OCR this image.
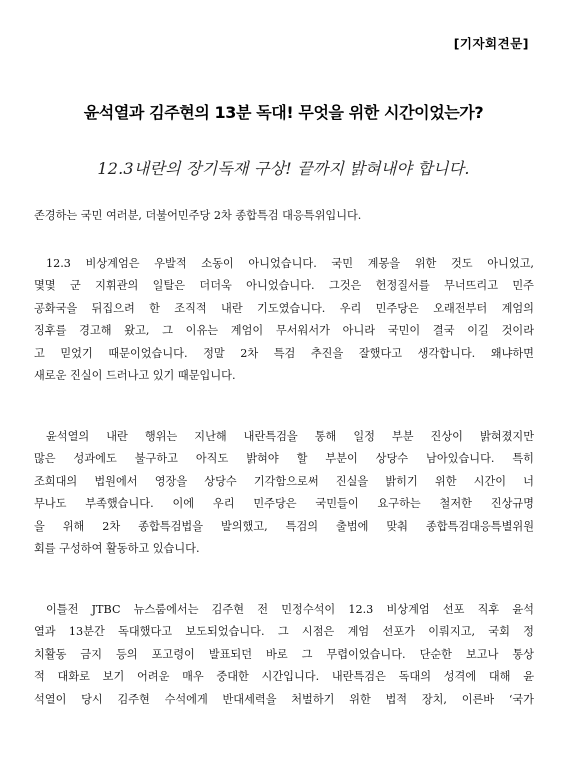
[기자회견문]
윤석열과 김주현의 13분 독대! 무엇을 위한 시간이었는가?
12.3내란의 장기독재 구상! 끝까지 밝혀내야 합니다.
존경하는 국민 여러분, 더불어민주당 2차 종합특검 대응특위입니다.
12.3 비상계엄은 우발적 소동이 아니었습니다. 국민 계몽을 위한 것도 아니었고,
몇몇 군 지휘관의 일탈은 더더욱 아니었습니다. 그것은 헌정질서를 무너뜨리고 민주
공화국을 뒤집으려 한 조직적 내란 기도였습니다. 우리 민주당은 오래전부터 계엄의
징후를 경고해 왔고, 그 이유는 계엄이 무서워서가 아니라 국민이 결국 이길 것이라
고 믿었기 때문이었습니다. 정말 2차 특검 추진을 잘했다고 생각합니다. 왜냐하면
새로운 진실이 드러나고 있기 때문입니다.
윤석열의 내란 행위는 지난해 내란특검을 통해 일정 부분 진상이 밝혀졌지만
많은 성과에도 불구하고 아직도 밝혀야 할 부분이 상당수 남아있습니다. 특히
조희대의 법원에서 영장을 상당수 기각함으로써 진실을 밝히기 위한 시간이 너
무나도 부족했습니다. 이에 우리 민주당은 국민들이 요구하는 철저한 진상규명
을 위해 2차 종합특검법을 발의했고, 특검의 출범에 맞춰 종합특검대응특별위원
회를 구성하여 활동하고 있습니다.
이틀전 JTBC 뉴스룸에서는 김주현 전 민정수석이 12.3 비상계엄 선포 직후 윤석
열과 13분간 독대했다고 보도되었습니다. 그 시점은 계엄 선포가 이뤄지고, 국회 정
치활동 금지 등의 포고령이 발표되던 바로 그 무렵이었습니다. 단순한 보고나 통상
적 대화로 보기 어려운 매우 중대한 시간입니다. 내란특검은 독대의 성격에 대해 윤
석열이 당시 김주현 수석에게 반대세력을 처벌하기 위한 법적 장치, 이른바 ‘국가
